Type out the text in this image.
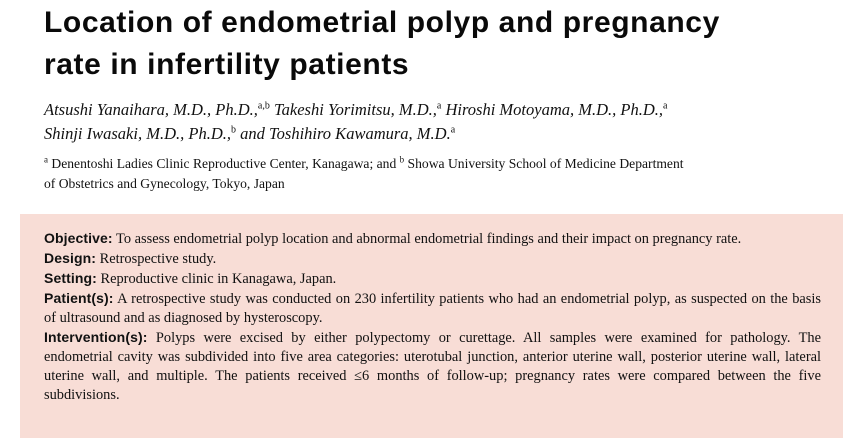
Location of endometrial polyp and pregnancy
rate in infertility patients
Atsushi Yanaihara, M.D., Ph.D.,$^{a,b}$ Takeshi Yorimitsu, M.D.,$^a$ Hiroshi Motoyama, M.D., Ph.D.,$^a$
Shinji Iwasaki, M.D., Ph.D.,$^b$ and Toshihiro Kawamura, M.D.$^a$
$^a$ Denentoshi Ladies Clinic Reproductive Center, Kanagawa; and $^b$ Showa University School of Medicine Department
of Obstetrics and Gynecology, Tokyo, Japan

Objective: To assess endometrial polyp location and abnormal endometrial findings and their impact on pregnancy rate.

Design: Retrospective study.

Setting: Reproductive clinic in Kanagawa, Japan.

Patient(s): A retrospective study was conducted on 230 infertility patients who had an endometrial polyp, as suspected on the basis of ultrasound and as diagnosed by hysteroscopy.

Intervention(s): Polyps were excised by either polypectomy or curettage. All samples were examined for pathology. The endometrial cavity was subdivided into five area categories: uterotubal junction, anterior uterine wall, posterior uterine wall, lateral uterine wall, and multiple. The patients received ≤6 months of follow-up; pregnancy rates were compared between the five subdivisions.
